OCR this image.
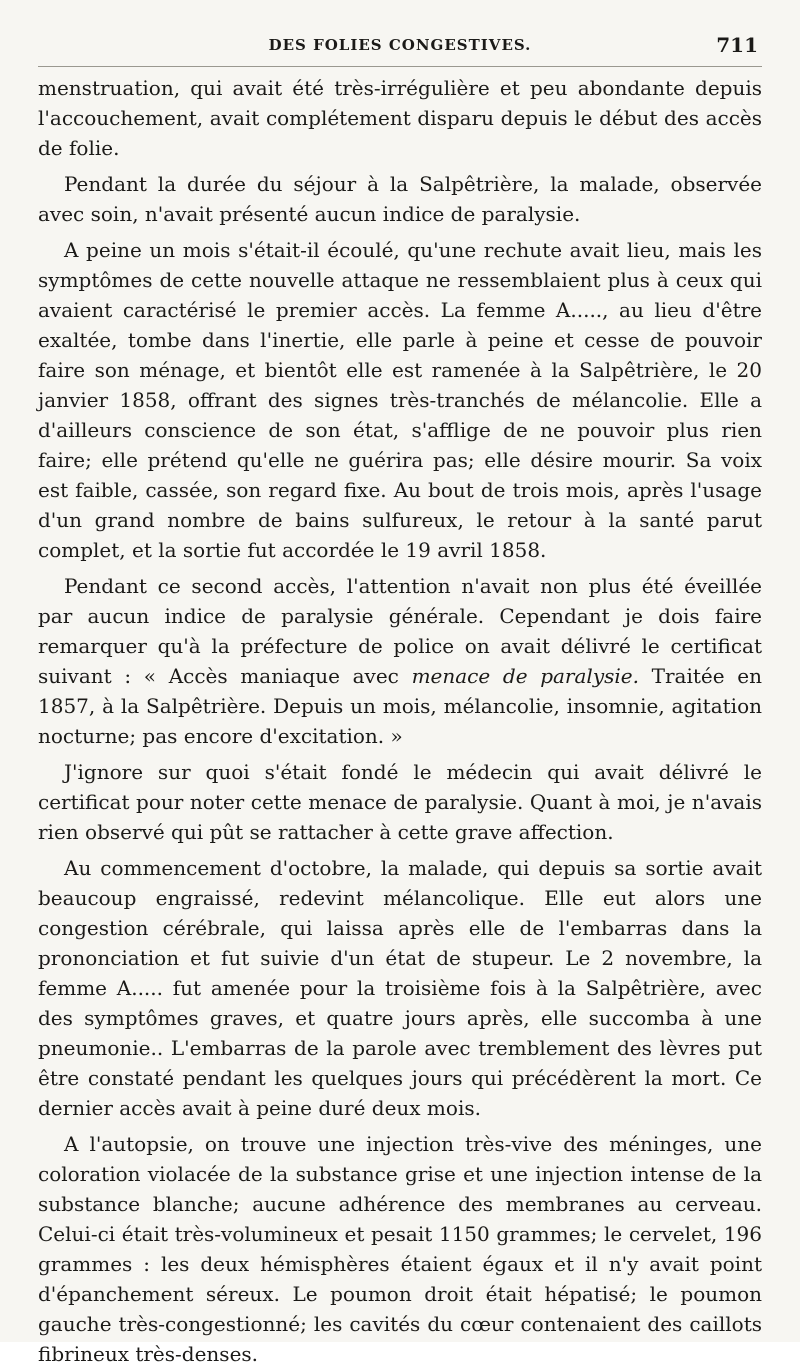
DES FOLIES CONGESTIVES.	711

menstruation, qui avait été très-irrégulière et peu abondante depuis l'accouchement, avait complétement disparu depuis le début des accès de folie.

Pendant la durée du séjour à la Salpêtrière, la malade, observée avec soin, n'avait présenté aucun indice de paralysie.

A peine un mois s'était-il écoulé, qu'une rechute avait lieu, mais les symptômes de cette nouvelle attaque ne ressemblaient plus à ceux qui avaient caractérisé le premier accès. La femme A....., au lieu d'être exaltée, tombe dans l'inertie, elle parle à peine et cesse de pouvoir faire son ménage, et bientôt elle est ramenée à la Salpêtrière, le 20 janvier 1858, offrant des signes très-tranchés de mélancolie. Elle a d'ailleurs conscience de son état, s'afflige de ne pouvoir plus rien faire; elle prétend qu'elle ne guérira pas; elle désire mourir. Sa voix est faible, cassée, son regard fixe. Au bout de trois mois, après l'usage d'un grand nombre de bains sulfureux, le retour à la santé parut complet, et la sortie fut accordée le 19 avril 1858.

Pendant ce second accès, l'attention n'avait non plus été éveillée par aucun indice de paralysie générale. Cependant je dois faire remarquer qu'à la préfecture de police on avait délivré le certificat suivant : « Accès maniaque avec menace de paralysie. Traitée en 1857, à la Salpêtrière. Depuis un mois, mélancolie, insomnie, agitation nocturne; pas encore d'excitation. »

J'ignore sur quoi s'était fondé le médecin qui avait délivré le certificat pour noter cette menace de paralysie. Quant à moi, je n'avais rien observé qui pût se rattacher à cette grave affection.

Au commencement d'octobre, la malade, qui depuis sa sortie avait beaucoup engraissé, redevint mélancolique. Elle eut alors une congestion cérébrale, qui laissa après elle de l'embarras dans la prononciation et fut suivie d'un état de stupeur. Le 2 novembre, la femme A..... fut amenée pour la troisième fois à la Salpêtrière, avec des symptômes graves, et quatre jours après, elle succomba à une pneumonie.. L'embarras de la parole avec tremblement des lèvres put être constaté pendant les quelques jours qui précédèrent la mort. Ce dernier accès avait à peine duré deux mois.

A l'autopsie, on trouve une injection très-vive des méninges, une coloration violacée de la substance grise et une injection intense de la substance blanche; aucune adhérence des membranes au cerveau. Celui-ci était très-volumineux et pesait 1150 grammes; le cervelet, 196 grammes : les deux hémisphères étaient égaux et il n'y avait point d'épanchement séreux. Le poumon droit était hépatisé; le poumon gauche très-congestionné; les cavités du cœur contenaient des caillots fibrineux très-denses.
